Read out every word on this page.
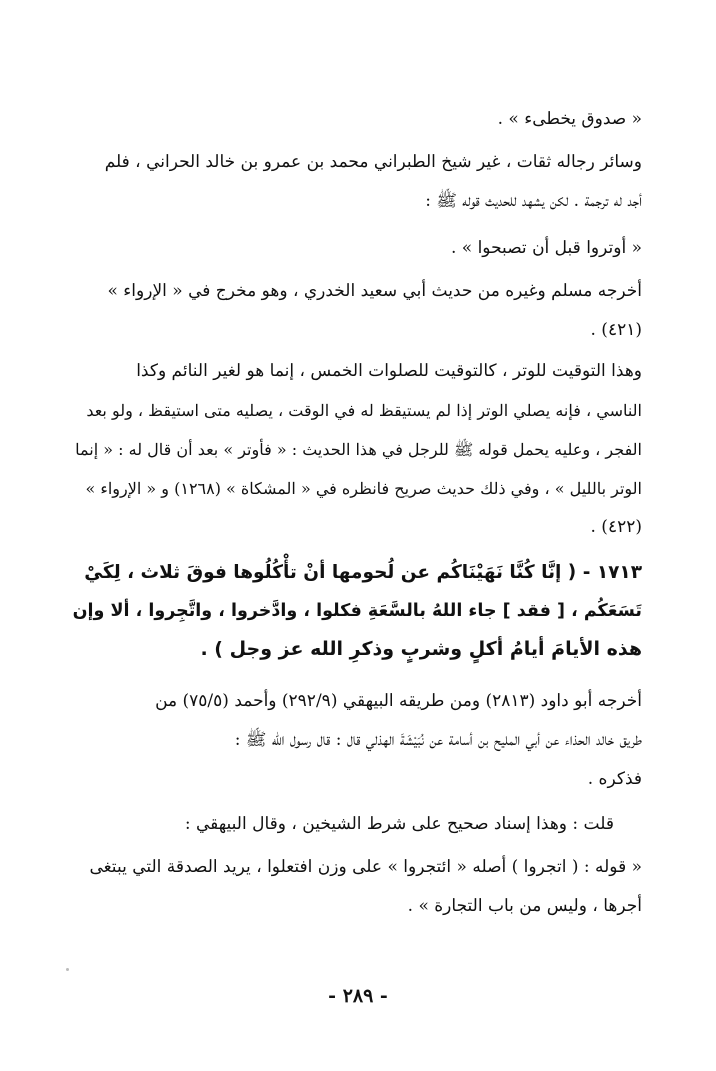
« صدوق يخطىء » .

وسائر رجاله ثقات ، غير شيخ الطبراني محمد بن عمرو بن خالد الحراني ، فلم
أجد له ترجمة . لكن يشهد للحديث قوله ﷺ :

« أوتروا قبل أن تصبحوا » .

أخرجه مسلم وغيره من حديث أبي سعيد الخدري ، وهو مخرج في « الإرواء »
(٤٢١) .

وهذا التوقيت للوتر ، كالتوقيت للصلوات الخمس ، إنما هو لغير النائم وكذا
الناسي ، فإنه يصلي الوتر إذا لم يستيقظ له في الوقت ، يصليه متى استيقظ ، ولو بعد
الفجر ، وعليه يحمل قوله ﷺ للرجل في هذا الحديث : « فأوتر » بعد أن قال له : « إنما
الوتر بالليل » ، وفي ذلك حديث صريح فانظره في « المشكاة » (١٢٦٨) و « الإرواء »
(٤٢٢) .

١٧١٣ - ( إنَّا كُنَّا نَهَيْنَاكُم عن لُحومها أنْ تأْكُلُوها فوقَ ثلاث ، لِكَيْ
تَسَعَكُم ، [ فقد ] جاء اللهُ بالسَّعَةِ فكلوا ، وادَّخروا ، واتَّجِروا ، ألا وإن
هذه الأيامَ أيامُ أكلٍ وشربٍ وذكرِ الله عز وجل ) .

أخرجه أبو داود (٢٨١٣) ومن طريقه البيهقي (٢٩٢/٩) وأحمد (٧٥/٥) من
طريق خالد الحذاء عن أبي المليح بن أسامة عن نُبَيْشَةَ الهذلي قال : قال رسول الله ﷺ :
فذكره .

قلت : وهذا إسناد صحيح على شرط الشيخين ، وقال البيهقي :

« قوله : ( اتجروا ) أصله « ائتجروا » على وزن افتعلوا ، يريد الصدقة التي يبتغى
أجرها ، وليس من باب التجارة » .

- ٢٨٩ -
